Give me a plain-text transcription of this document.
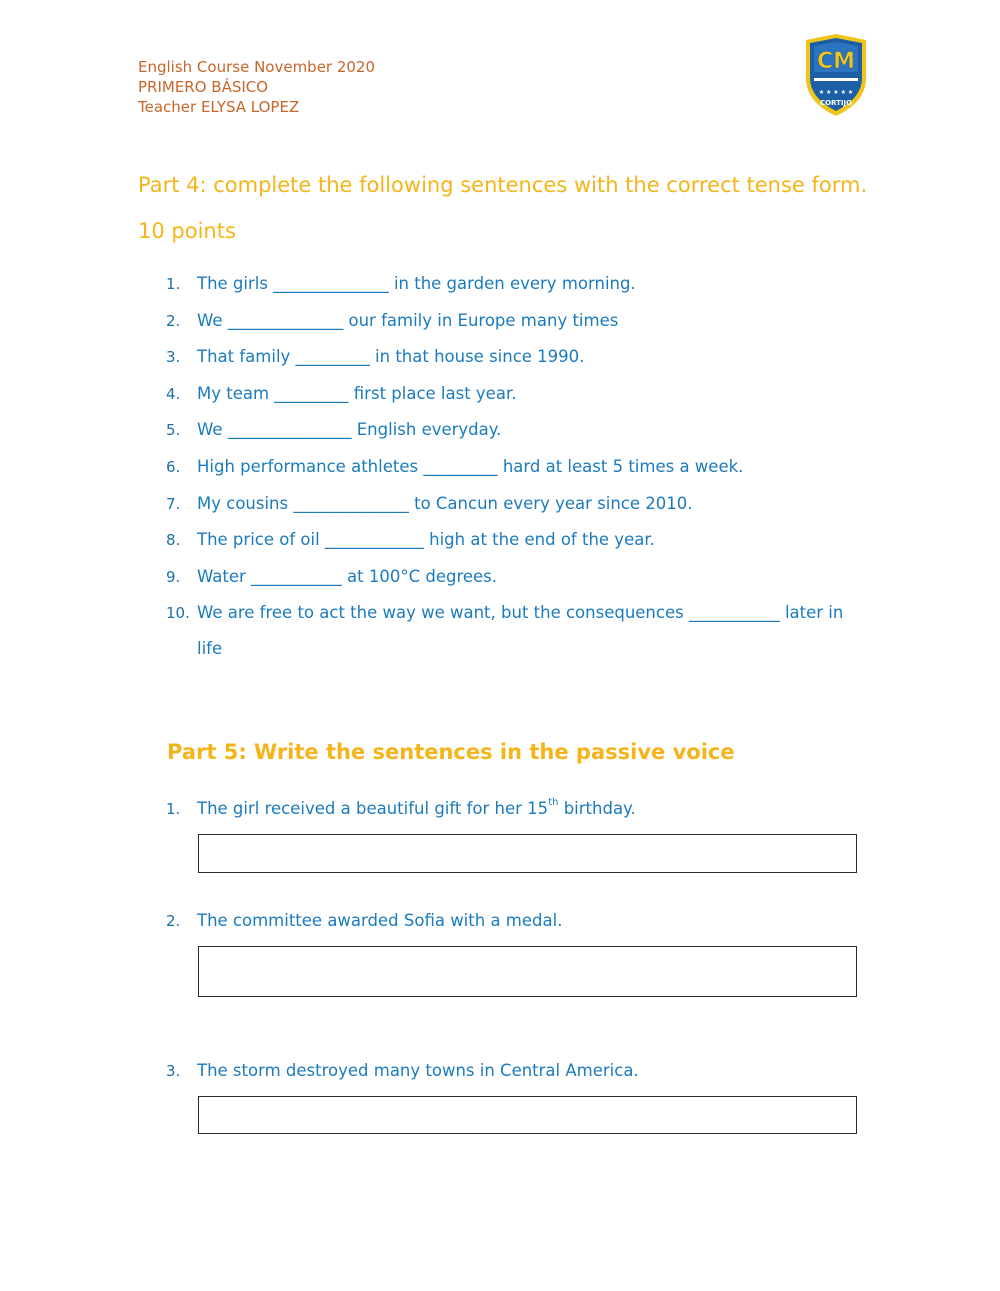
English Course November 2020
PRIMERO BÁSICO
Teacher ELYSA LOPEZ
CM
★ ★ ★ ★ ★
CORTIJO
Part 4: complete the following sentences with the correct tense form. 10 points
1. The girls ______________ in the garden every morning.
2. We ______________ our family in Europe many times
3. That family _________ in that house since 1990.
4. My team _________ first place last year.
5. We _______________ English everyday.
6. High performance athletes _________ hard at least 5 times a week.
7. My cousins ______________ to Cancun every year since 2010.
8. The price of oil ____________ high at the end of the year.
9. Water ___________ at 100°C degrees.
10. We are free to act the way we want, but the consequences ___________ later in life
Part 5: Write the sentences in the passive voice
1. The girl received a beautiful gift for her 15th birthday.
2. The committee awarded Sofia with a medal.
3. The storm destroyed many towns in Central America.
